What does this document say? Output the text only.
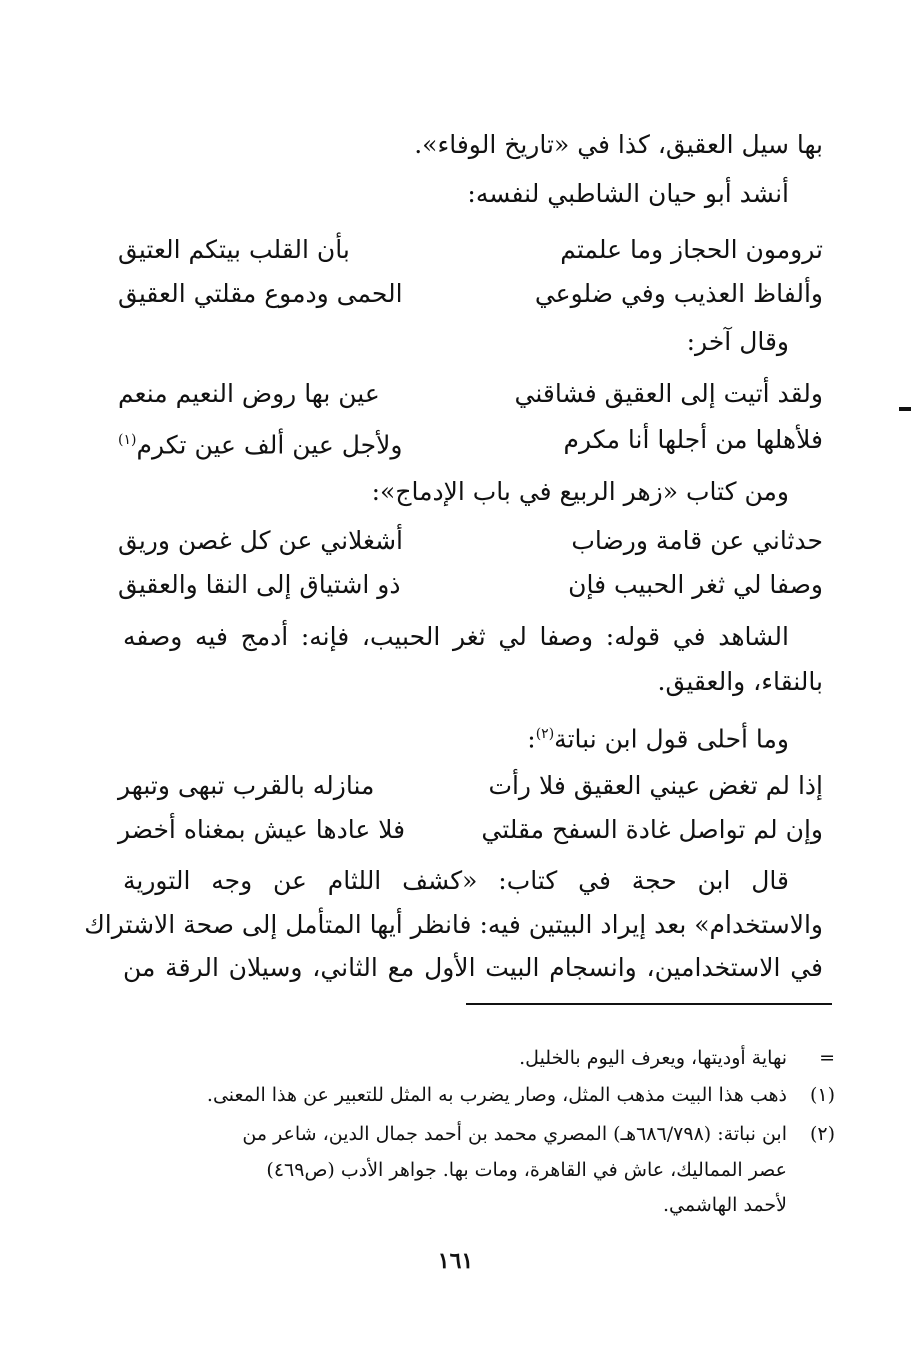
بها سيل العقيق، كذا في «تاريخ الوفاء».
أنشد أبو حيان الشاطبي لنفسه:
ترومون الحجاز وما علمتم
بأن القلب بيتكم العتيق
وألفاظ العذيب وفي ضلوعي
الحمى ودموع مقلتي العقيق
وقال آخر:
ولقد أتيت إلى العقيق فشاقني
عين بها روض النعيم منعم
فلأهلها من أجلها أنا مكرم
ولأجل عين ألف عين تكرم$^{(١)}$
ومن كتاب «زهر الربيع في باب الإدماج»:
حدثاني عن قامة ورضاب
أشغلاني عن كل غصن وريق
وصفا لي ثغر الحبيب فإن
ذو اشتياق إلى النقا والعقيق
الشاهد في قوله: وصفا لي ثغر الحبيب، فإنه: أدمج فيه وصفه
بالنقاء، والعقيق.
وما أحلى قول ابن نباتة$^{(٢)}$:
إذا لم تغض عيني العقيق فلا رأت
منازله بالقرب تبهى وتبهر
وإن لم تواصل غادة السفح مقلتي
فلا عادها عيش بمغناه أخضر
قال ابن حجة في كتاب: «كشف اللثام عن وجه التورية
والاستخدام» بعد إيراد البيتين فيه: فانظر أيها المتأمل إلى صحة الاشتراك
في الاستخدامين، وانسجام البيت الأول مع الثاني، وسيلان الرقة من
=
نهاية أوديتها، ويعرف اليوم بالخليل.
(١)
ذهب هذا البيت مذهب المثل، وصار يضرب به المثل للتعبير عن هذا المعنى.
(٢)
ابن نباتة: (٦٨٦/٧٩٨هـ) المصري محمد بن أحمد جمال الدين، شاعر من
عصر المماليك، عاش في القاهرة، ومات بها. جواهر الأدب (ص٤٦٩)
لأحمد الهاشمي.
١٦١
